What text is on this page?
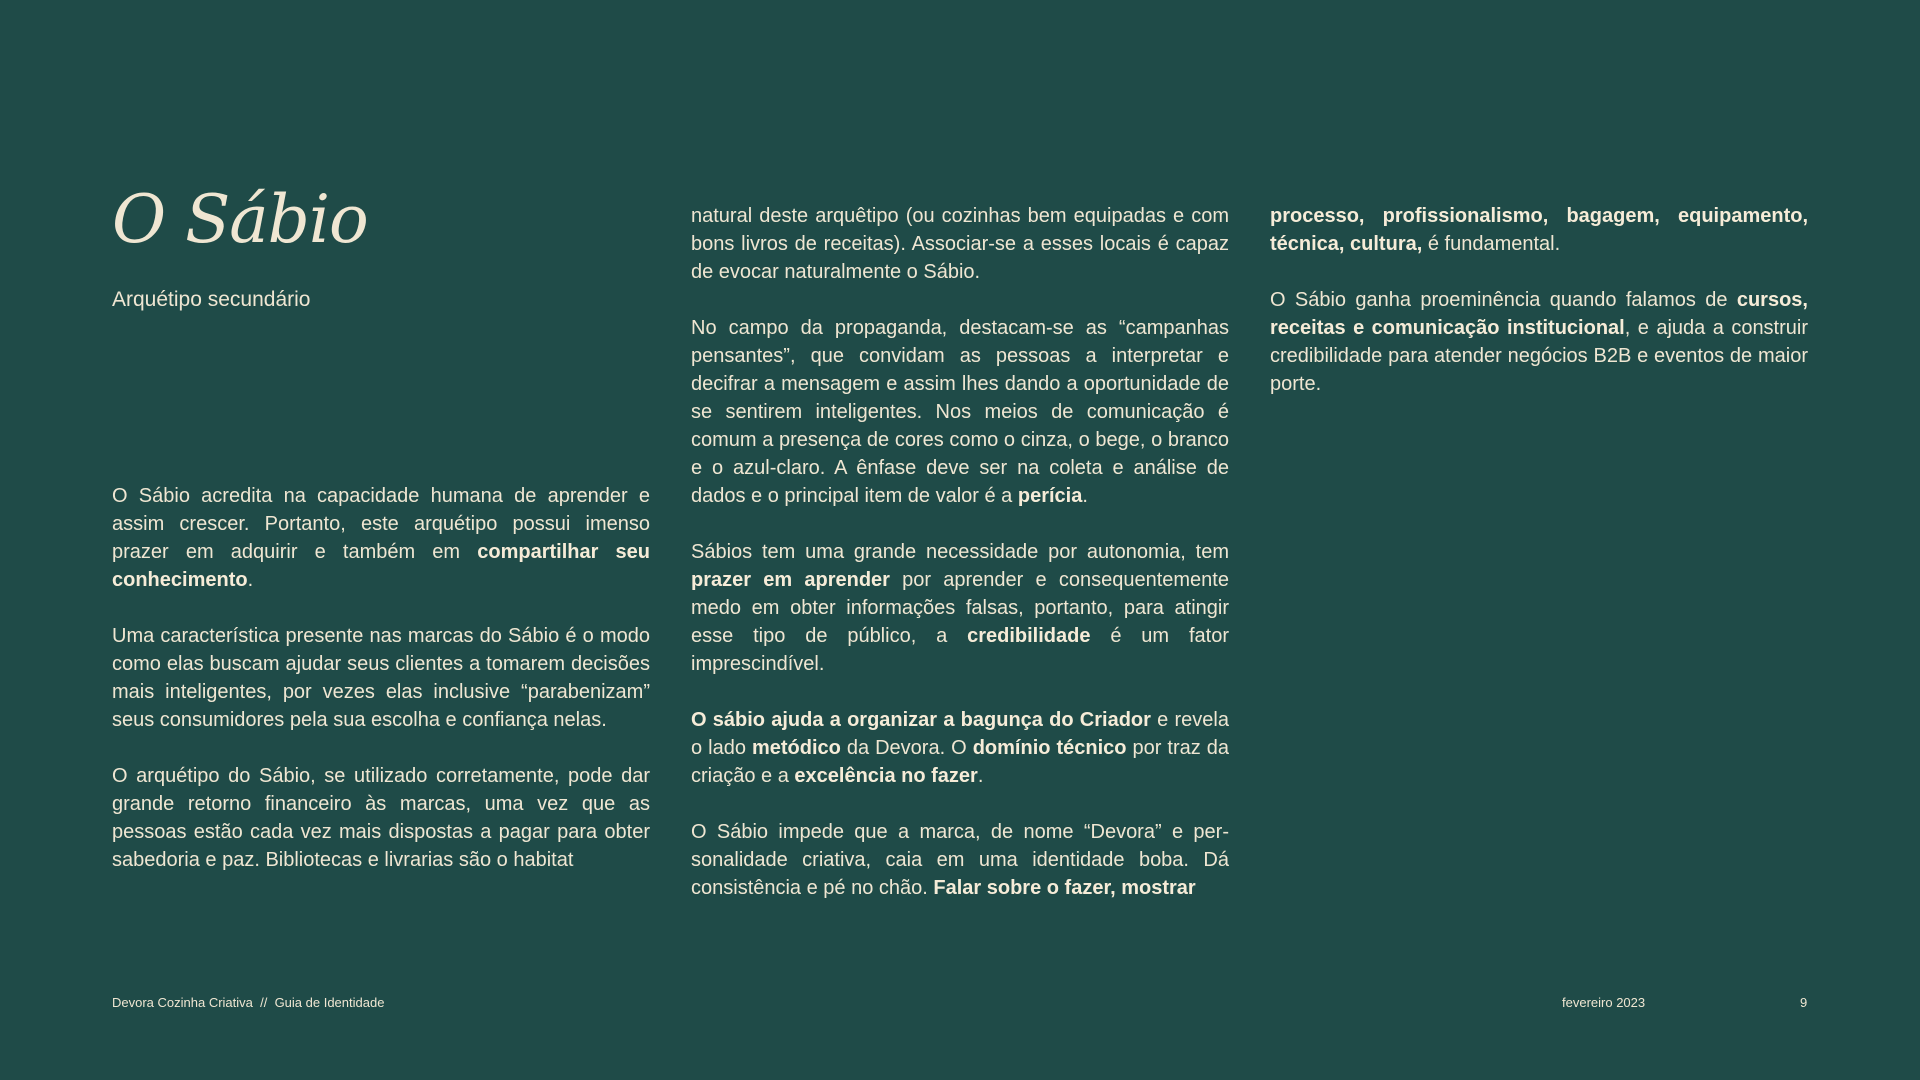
O Sábio
Arquétipo secundário

O Sábio acredita na capacidade humana de aprender e assim crescer. Portanto, este arquétipo possui imenso prazer em adquirir e também em compartilhar seu conhecimento.

Uma característica presente nas marcas do Sábio é o modo como elas buscam ajudar seus clientes a tomarem decisões mais inteligentes, por vezes elas inclusive “parabenizam” seus consumidores pela sua escolha e confiança nelas.

O arquétipo do Sábio, se utilizado corretamente, pode dar grande retorno financeiro às marcas, uma vez que as pessoas estão cada vez mais dispostas a pagar para obter sabedoria e paz. Bibliotecas e livrarias são o habitat

natural deste arquêtipo (ou cozinhas bem equipadas e com bons livros de receitas). Associar-se a esses locais é capaz de evocar naturalmente o Sábio.

No campo da propaganda, destacam-se as “campanhas pensantes”, que convidam as pessoas a interpretar e decifrar a mensagem e assim lhes dando a oportunidade de se sentirem inteligentes. Nos meios de comunicação é comum a presença de cores como o cinza, o bege, o branco e o azul-claro. A ênfase deve ser na coleta e análise de dados e o principal item de valor é a perícia.

Sábios tem uma grande necessidade por autonomia, tem prazer em aprender por aprender e consequentemente medo em obter informações falsas, portanto, para atingir esse tipo de público, a credibilidade é um fator imprescindível.

O sábio ajuda a organizar a bagunça do Criador e revela o lado metódico da Devora. O domínio técnico por traz da criação e a excelência no fazer.

O Sábio impede que a marca, de nome “Devora” e personalidade criativa, caia em uma identidade boba. Dá consistência e pé no chão. Falar sobre o fazer, mostrar

processo, profissionalismo, bagagem, equipamento, técnica, cultura, é fundamental.

O Sábio ganha proeminência quando falamos de cursos, receitas e comunicação institucional, e ajuda a construir credibilidade para atender negócios B2B e eventos de maior porte.

Devora Cozinha Criativa  //  Guia de Identidade	fevereiro 2023	9
